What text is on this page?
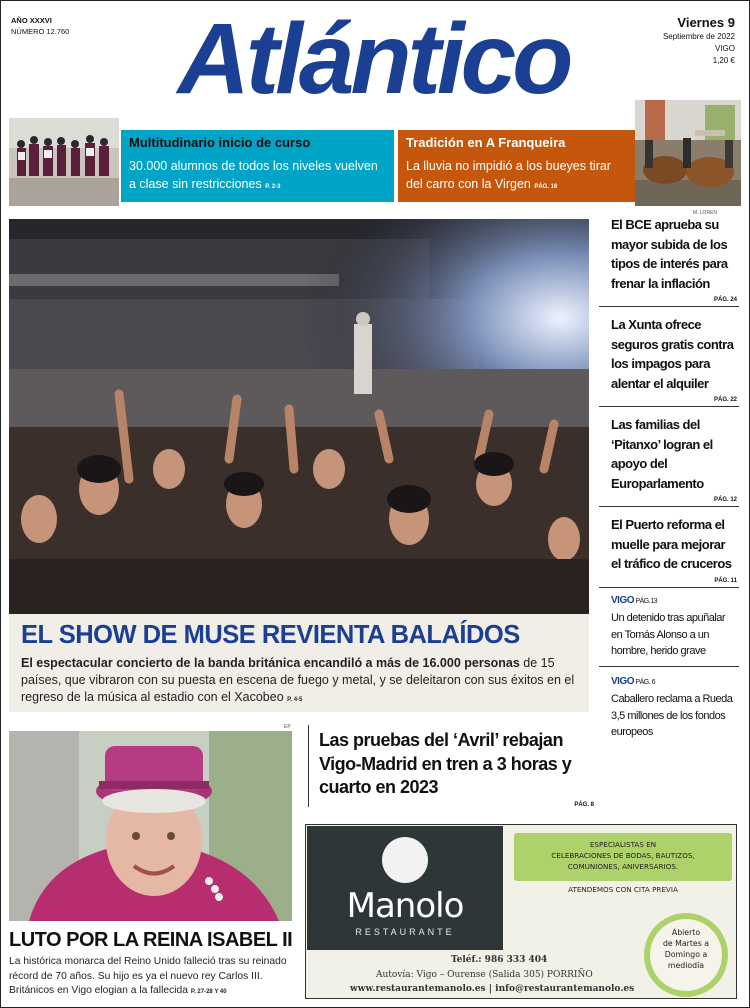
AÑO XXXVI
NÚMERO 12.760	Atlántico	Viernes 9
Septiembre de 2022
VIGO
1,20 €
Multitudinario inicio de curso
30.000 alumnos de todos los niveles vuelven a clase sin restricciones P. 2-3
Tradición en A Franqueira
La lluvia no impidió a los bueyes tirar del carro con la Virgen PÁG. 16
M. LOREN
EL SHOW DE MUSE REVIENTA BALAÍDOS

El espectacular concierto de la banda británica encandiló a más de 16.000 personas de 15 países, que vibraron con su puesta en escena de fuego y metal, y se deleitaron con sus éxitos en el regreso de la música al estadio con el Xacobeo P. 4-5

El BCE aprueba su mayor subida de los tipos de interés para frenar la inflación
PÁG. 24
La Xunta ofrece seguros gratis contra los impagos para alentar el alquiler
PÁG. 22
Las familias del ‘Pitanxo’ logran el apoyo del Europarlamento
PÁG. 12
El Puerto reforma el muelle para mejorar el tráfico de cruceros
PÁG. 11
VIGO PÁG.13
Un detenido tras apuñalar en Tomás Alonso a un hombre, herido grave
VIGO PÁG. 6
Caballero reclama a Rueda 3,5 millones de los fondos europeos
EP
LUTO POR LA REINA ISABEL II
La histórica monarca del Reino Unido falleció tras su reinado récord de 70 años. Su hijo es ya el nuevo rey Carlos III. Británicos en Vigo elogian a la fallecida P. 27-28 Y 40
Las pruebas del ‘Avril’ rebajan Vigo-Madrid en tren a 3 horas y cuarto en 2023
PÁG. 8
Manolo
RESTAURANTE
ESPECIALISTAS EN
CELEBRACIONES DE BODAS, BAUTIZOS,
COMUNIONES, ANIVERSARIOS.
ATENDEMOS CON CITA PREVIA
Teléf.: 986 333 404
Autovía: Vigo – Ourense (Salida 305) PORRIÑO
www.restaurantemanolo.es | info@restaurantemanolo.es
Abierto
de Martes a
Domingo a
mediodía
